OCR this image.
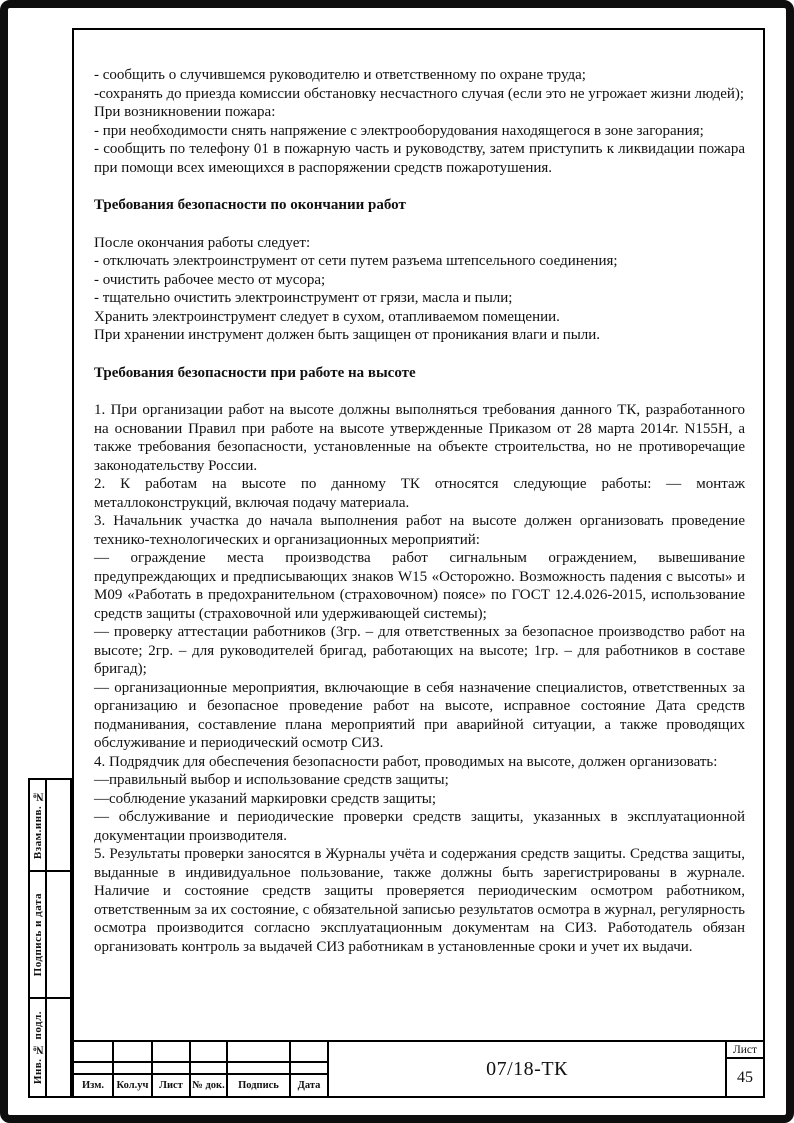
Взам.инв. №
Подпись и дата
Инв. № подл.
- сообщить о случившемся руководителю и ответственному по охране труда;
-сохранять до приезда комиссии обстановку несчастного случая (если это не угрожает жизни людей);
При возникновении пожара:
- при необходимости снять напряжение с электрооборудования находящегося в зоне загорания;
- сообщить по телефону 01 в пожарную часть и руководству, затем приступить к ликвидации пожара при помощи всех имеющихся в распоряжении средств пожаротушения.
Требования безопасности по окончании работ
После окончания работы следует:
- отключать электроинструмент от сети путем разъема штепсельного соединения;
- очистить рабочее место от мусора;
- тщательно очистить электроинструмент от грязи, масла и пыли;
Хранить электроинструмент следует в сухом, отапливаемом помещении.
При хранении инструмент должен быть защищен от проникания влаги и пыли.
Требования безопасности при работе на высоте
1. При организации работ на высоте должны выполняться требования данного ТК, разработанного на основании Правил при работе на высоте утвержденные Приказом от 28 марта 2014г. N155Н, а также требования безопасности, установленные на объекте строительства, но не противоречащие законодательству России.
2. К работам на высоте по данному ТК относятся следующие работы: — монтаж металлоконструкций, включая подачу материала.
3. Начальник участка до начала выполнения работ на высоте должен организовать проведение технико-технологических и организационных мероприятий:
— ограждение места производства работ сигнальным ограждением, вывешивание предупреждающих и предписывающих знаков W15 «Осторожно. Возможность падения с высоты» и М09 «Работать в предохранительном (страховочном) поясе» по ГОСТ 12.4.026-2015, использование средств защиты (страховочной или удерживающей системы);
— проверку аттестации работников (3гр. – для ответственных за безопасное производство работ на высоте; 2гр. – для руководителей бригад, работающих на высоте; 1гр. – для работников в составе бригад);
— организационные мероприятия, включающие в себя назначение специалистов, ответственных за организацию и безопасное проведение работ на высоте, исправное состояние Дата средств подманивания, составление плана мероприятий при аварийной ситуации, а также проводящих обслуживание и периодический осмотр СИЗ.
4. Подрядчик для обеспечения безопасности работ, проводимых на высоте, должен организовать:
—правильный выбор и использование средств защиты;
—соблюдение указаний маркировки средств защиты;
— обслуживание и периодические проверки средств защиты, указанных в эксплуатационной документации производителя.
5. Результаты проверки заносятся в Журналы учёта и содержания средств защиты. Средства защиты, выданные в индивидуальное пользование, также должны быть зарегистрированы в журнале. Наличие и состояние средств защиты проверяется периодическим осмотром работником, ответственным за их состояние, с обязательной записью результатов осмотра в журнал, регулярность осмотра производится согласно эксплуатационным документам на СИЗ. Работодатель обязан организовать контроль за выдачей СИЗ работникам в установленные сроки и учет их выдачи.
Изм.	Кол.уч	Лист № док.	Подпись	Дата
07/18-ТК
Лист
45
